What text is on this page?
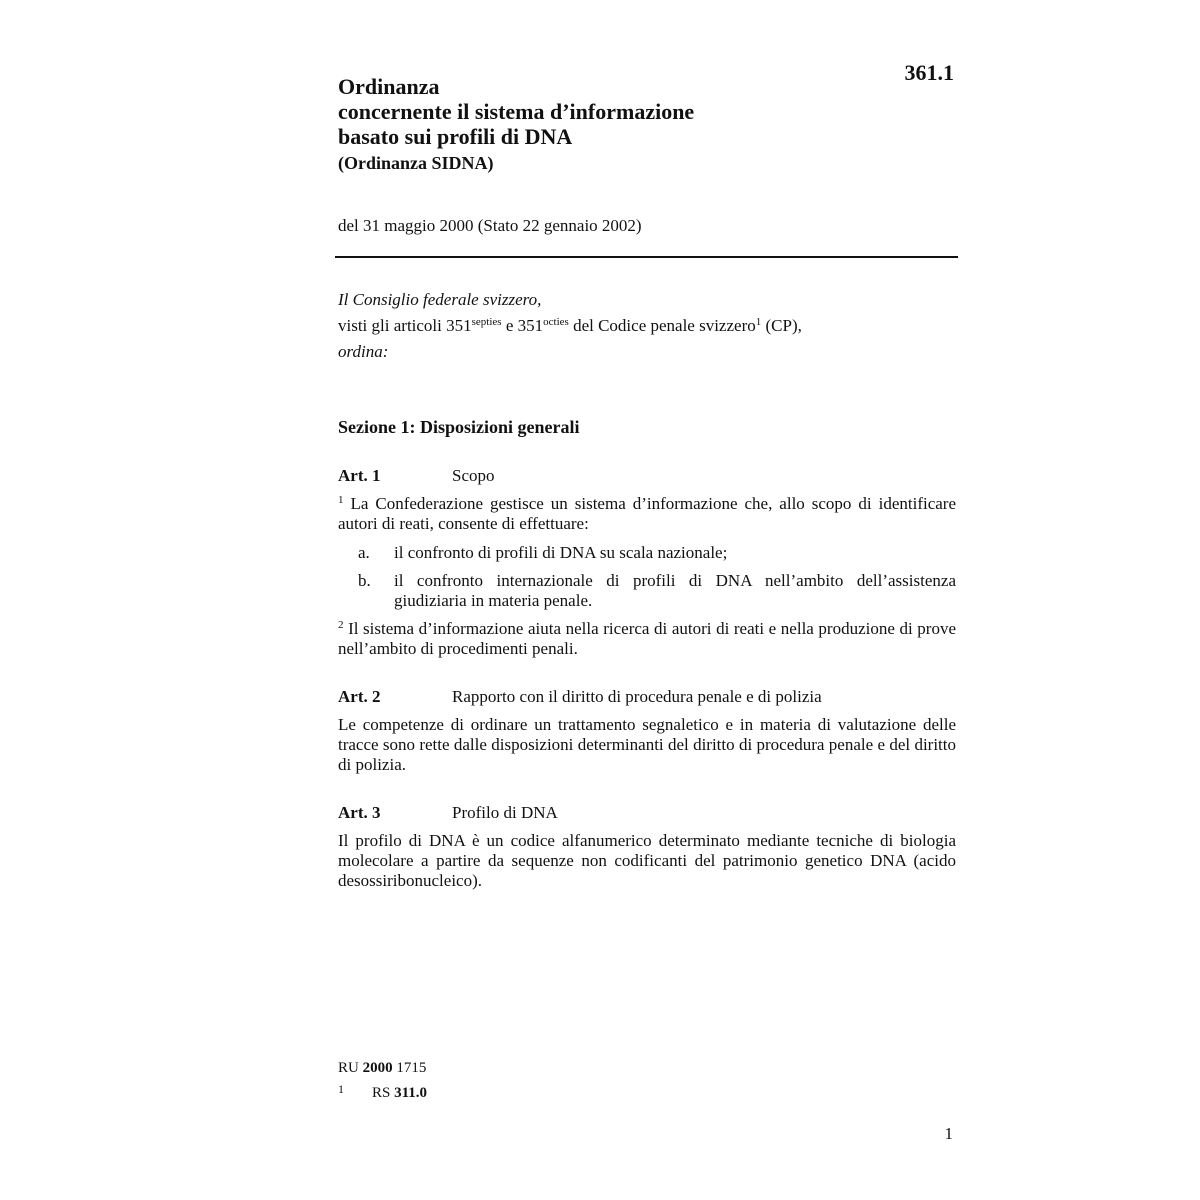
361.1
Ordinanza
concernente il sistema d’informazione
basato sui profili di DNA
(Ordinanza SIDNA)
del 31 maggio 2000 (Stato 22 gennaio 2002)
Il Consiglio federale svizzero,
visti gli articoli $351^{septies}$ e $351^{octies}$ del Codice penale svizzero$^1$ (CP),
ordina:
Sezione 1: Disposizioni generali
Art. 1	Scopo
$^1$ La Confederazione gestisce un sistema d’informazione che, allo scopo di identificare autori di reati, consente di effettuare:
a. il confronto di profili di DNA su scala nazionale;
b. il confronto internazionale di profili di DNA nell’ambito dell’assistenza giudiziaria in materia penale.
$^2$ Il sistema d’informazione aiuta nella ricerca di autori di reati e nella produzione di prove nell’ambito di procedimenti penali.
Art. 2	Rapporto con il diritto di procedura penale e di polizia
Le competenze di ordinare un trattamento segnaletico e in materia di valutazione delle tracce sono rette dalle disposizioni determinanti del diritto di procedura penale e del diritto di polizia.
Art. 3	Profilo di DNA
Il profilo di DNA è un codice alfanumerico determinato mediante tecniche di biologia molecolare a partire da sequenze non codificanti del patrimonio genetico DNA (acido desossiribonucleico).
RU 2000 1715
1 RS 311.0
1
